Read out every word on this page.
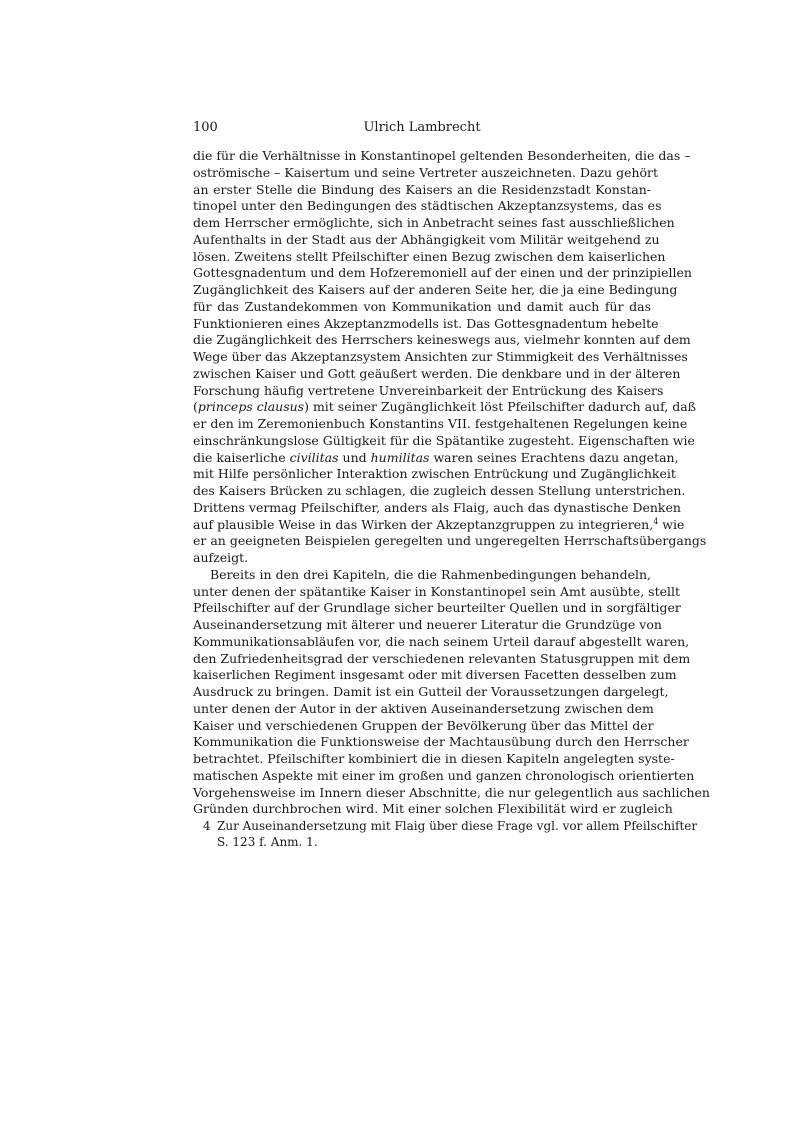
100	Ulrich Lambrecht

die für die Verhältnisse in Konstantinopel geltenden Besonderheiten, die das –
oströmische – Kaisertum und seine Vertreter auszeichneten. Dazu gehört
an erster Stelle die Bindung des Kaisers an die Residenzstadt Konstan-
tinopel unter den Bedingungen des städtischen Akzeptanzsystems, das es
dem Herrscher ermöglichte, sich in Anbetracht seines fast ausschließlichen
Aufenthalts in der Stadt aus der Abhängigkeit vom Militär weitgehend zu
lösen. Zweitens stellt Pfeilschifter einen Bezug zwischen dem kaiserlichen
Gottesgnadentum und dem Hofzeremoniell auf der einen und der prinzipiellen
Zugänglichkeit des Kaisers auf der anderen Seite her, die ja eine Bedingung
für das Zustandekommen von Kommunikation und damit auch für das
Funktionieren eines Akzeptanzmodells ist. Das Gottesgnadentum hebelte
die Zugänglichkeit des Herrschers keineswegs aus, vielmehr konnten auf dem
Wege über das Akzeptanzsystem Ansichten zur Stimmigkeit des Verhältnisses
zwischen Kaiser und Gott geäußert werden. Die denkbare und in der älteren
Forschung häufig vertretene Unvereinbarkeit der Entrückung des Kaisers
(princeps clausus) mit seiner Zugänglichkeit löst Pfeilschifter dadurch auf, daß
er den im Zeremonienbuch Konstantins VII. festgehaltenen Regelungen keine
einschränkungslose Gültigkeit für die Spätantike zugesteht. Eigenschaften wie
die kaiserliche civilitas und humilitas waren seines Erachtens dazu angetan,
mit Hilfe persönlicher Interaktion zwischen Entrückung und Zugänglichkeit
des Kaisers Brücken zu schlagen, die zugleich dessen Stellung unterstrichen.
Drittens vermag Pfeilschifter, anders als Flaig, auch das dynastische Denken
auf plausible Weise in das Wirken der Akzeptanzgruppen zu integrieren,$^4$ wie
er an geeigneten Beispielen geregelten und ungeregelten Herrschaftsübergangs
aufzeigt.

Bereits in den drei Kapiteln, die die Rahmenbedingungen behandeln,
unter denen der spätantike Kaiser in Konstantinopel sein Amt ausübte, stellt
Pfeilschifter auf der Grundlage sicher beurteilter Quellen und in sorgfältiger
Auseinandersetzung mit älterer und neuerer Literatur die Grundzüge von
Kommunikationsabläufen vor, die nach seinem Urteil darauf abgestellt waren,
den Zufriedenheitsgrad der verschiedenen relevanten Statusgruppen mit dem
kaiserlichen Regiment insgesamt oder mit diversen Facetten desselben zum
Ausdruck zu bringen. Damit ist ein Gutteil der Voraussetzungen dargelegt,
unter denen der Autor in der aktiven Auseinandersetzung zwischen dem
Kaiser und verschiedenen Gruppen der Bevölkerung über das Mittel der
Kommunikation die Funktionsweise der Machtausübung durch den Herrscher
betrachtet. Pfeilschifter kombiniert die in diesen Kapiteln angelegten syste-
matischen Aspekte mit einer im großen und ganzen chronologisch orientierten
Vorgehensweise im Innern dieser Abschnitte, die nur gelegentlich aus sachlichen
Gründen durchbrochen wird. Mit einer solchen Flexibilität wird er zugleich

4 Zur Auseinandersetzung mit Flaig über diese Frage vgl. vor allem Pfeilschifter
S. 123 f. Anm. 1.
